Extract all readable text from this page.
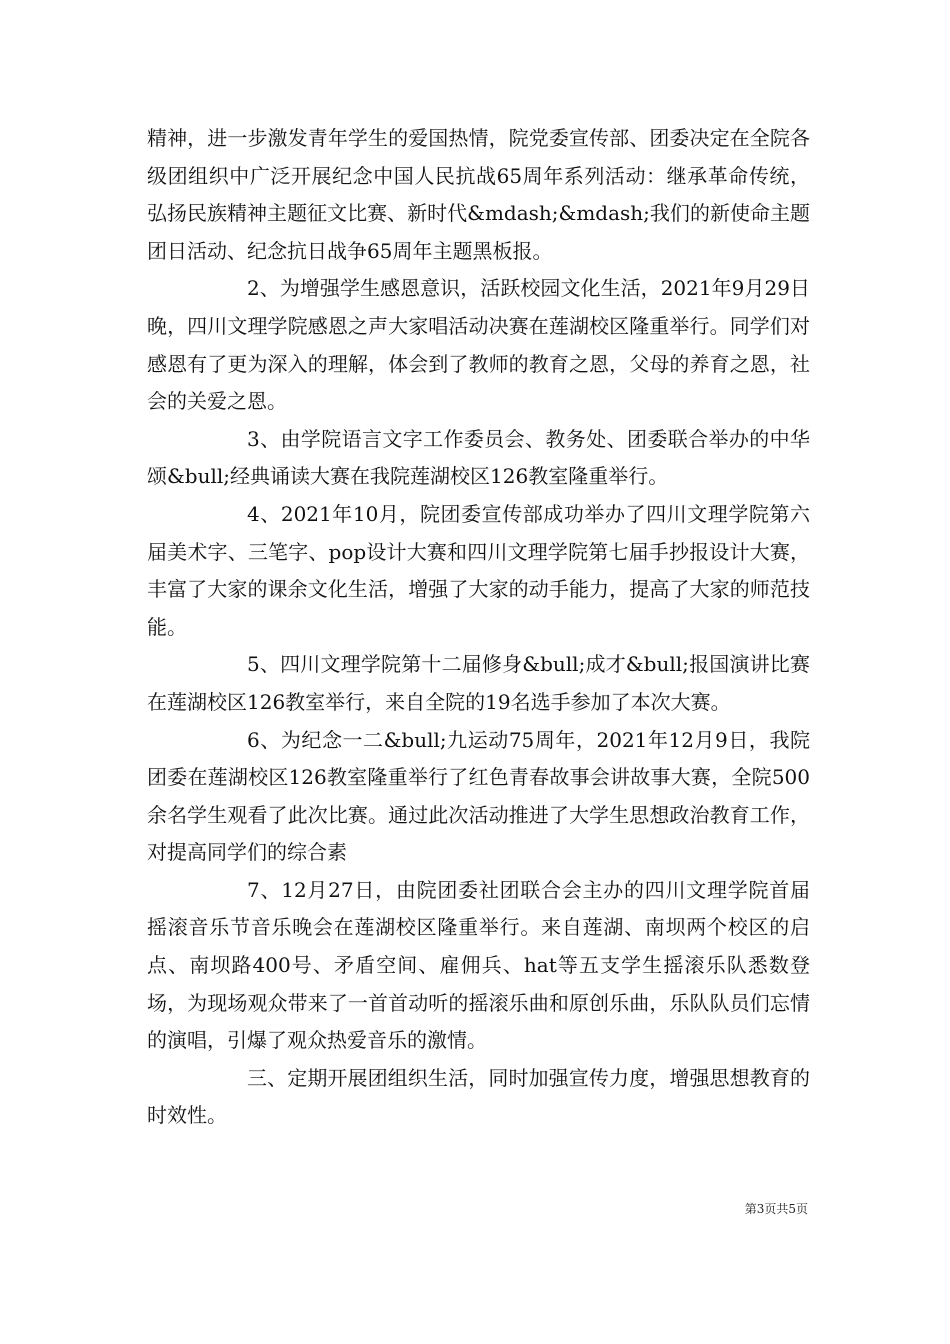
精神，进一步激发青年学生的爱国热情，院党委宣传部、团委决定在全院各级团组织中广泛开展纪念中国人民抗战65周年系列活动：继承革命传统，弘扬民族精神主题征文比赛、新时代&mdash;&mdash;我们的新使命主题团日活动、纪念抗日战争65周年主题黑板报。

2、为增强学生感恩意识，活跃校园文化生活，2021年9月29日晚，四川文理学院感恩之声大家唱活动决赛在莲湖校区隆重举行。同学们对感恩有了更为深入的理解，体会到了教师的教育之恩，父母的养育之恩，社会的关爱之恩。

3、由学院语言文字工作委员会、教务处、团委联合举办的中华颂&bull;经典诵读大赛在我院莲湖校区126教室隆重举行。

4、2021年10月，院团委宣传部成功举办了四川文理学院第六届美术字、三笔字、pop设计大赛和四川文理学院第七届手抄报设计大赛，丰富了大家的课余文化生活，增强了大家的动手能力，提高了大家的师范技能。

5、四川文理学院第十二届修身&bull;成才&bull;报国演讲比赛在莲湖校区126教室举行，来自全院的19名选手参加了本次大赛。

6、为纪念一二&bull;九运动75周年，2021年12月9日，我院团委在莲湖校区126教室隆重举行了红色青春故事会讲故事大赛，全院500余名学生观看了此次比赛。通过此次活动推进了大学生思想政治教育工作，对提高同学们的综合素

7、12月27日，由院团委社团联合会主办的四川文理学院首届摇滚音乐节音乐晚会在莲湖校区隆重举行。来自莲湖、南坝两个校区的启点、南坝路400号、矛盾空间、雇佣兵、hat等五支学生摇滚乐队悉数登场，为现场观众带来了一首首动听的摇滚乐曲和原创乐曲，乐队队员们忘情的演唱，引爆了观众热爱音乐的激情。

三、定期开展团组织生活，同时加强宣传力度，增强思想教育的时效性。

第3页共5页
